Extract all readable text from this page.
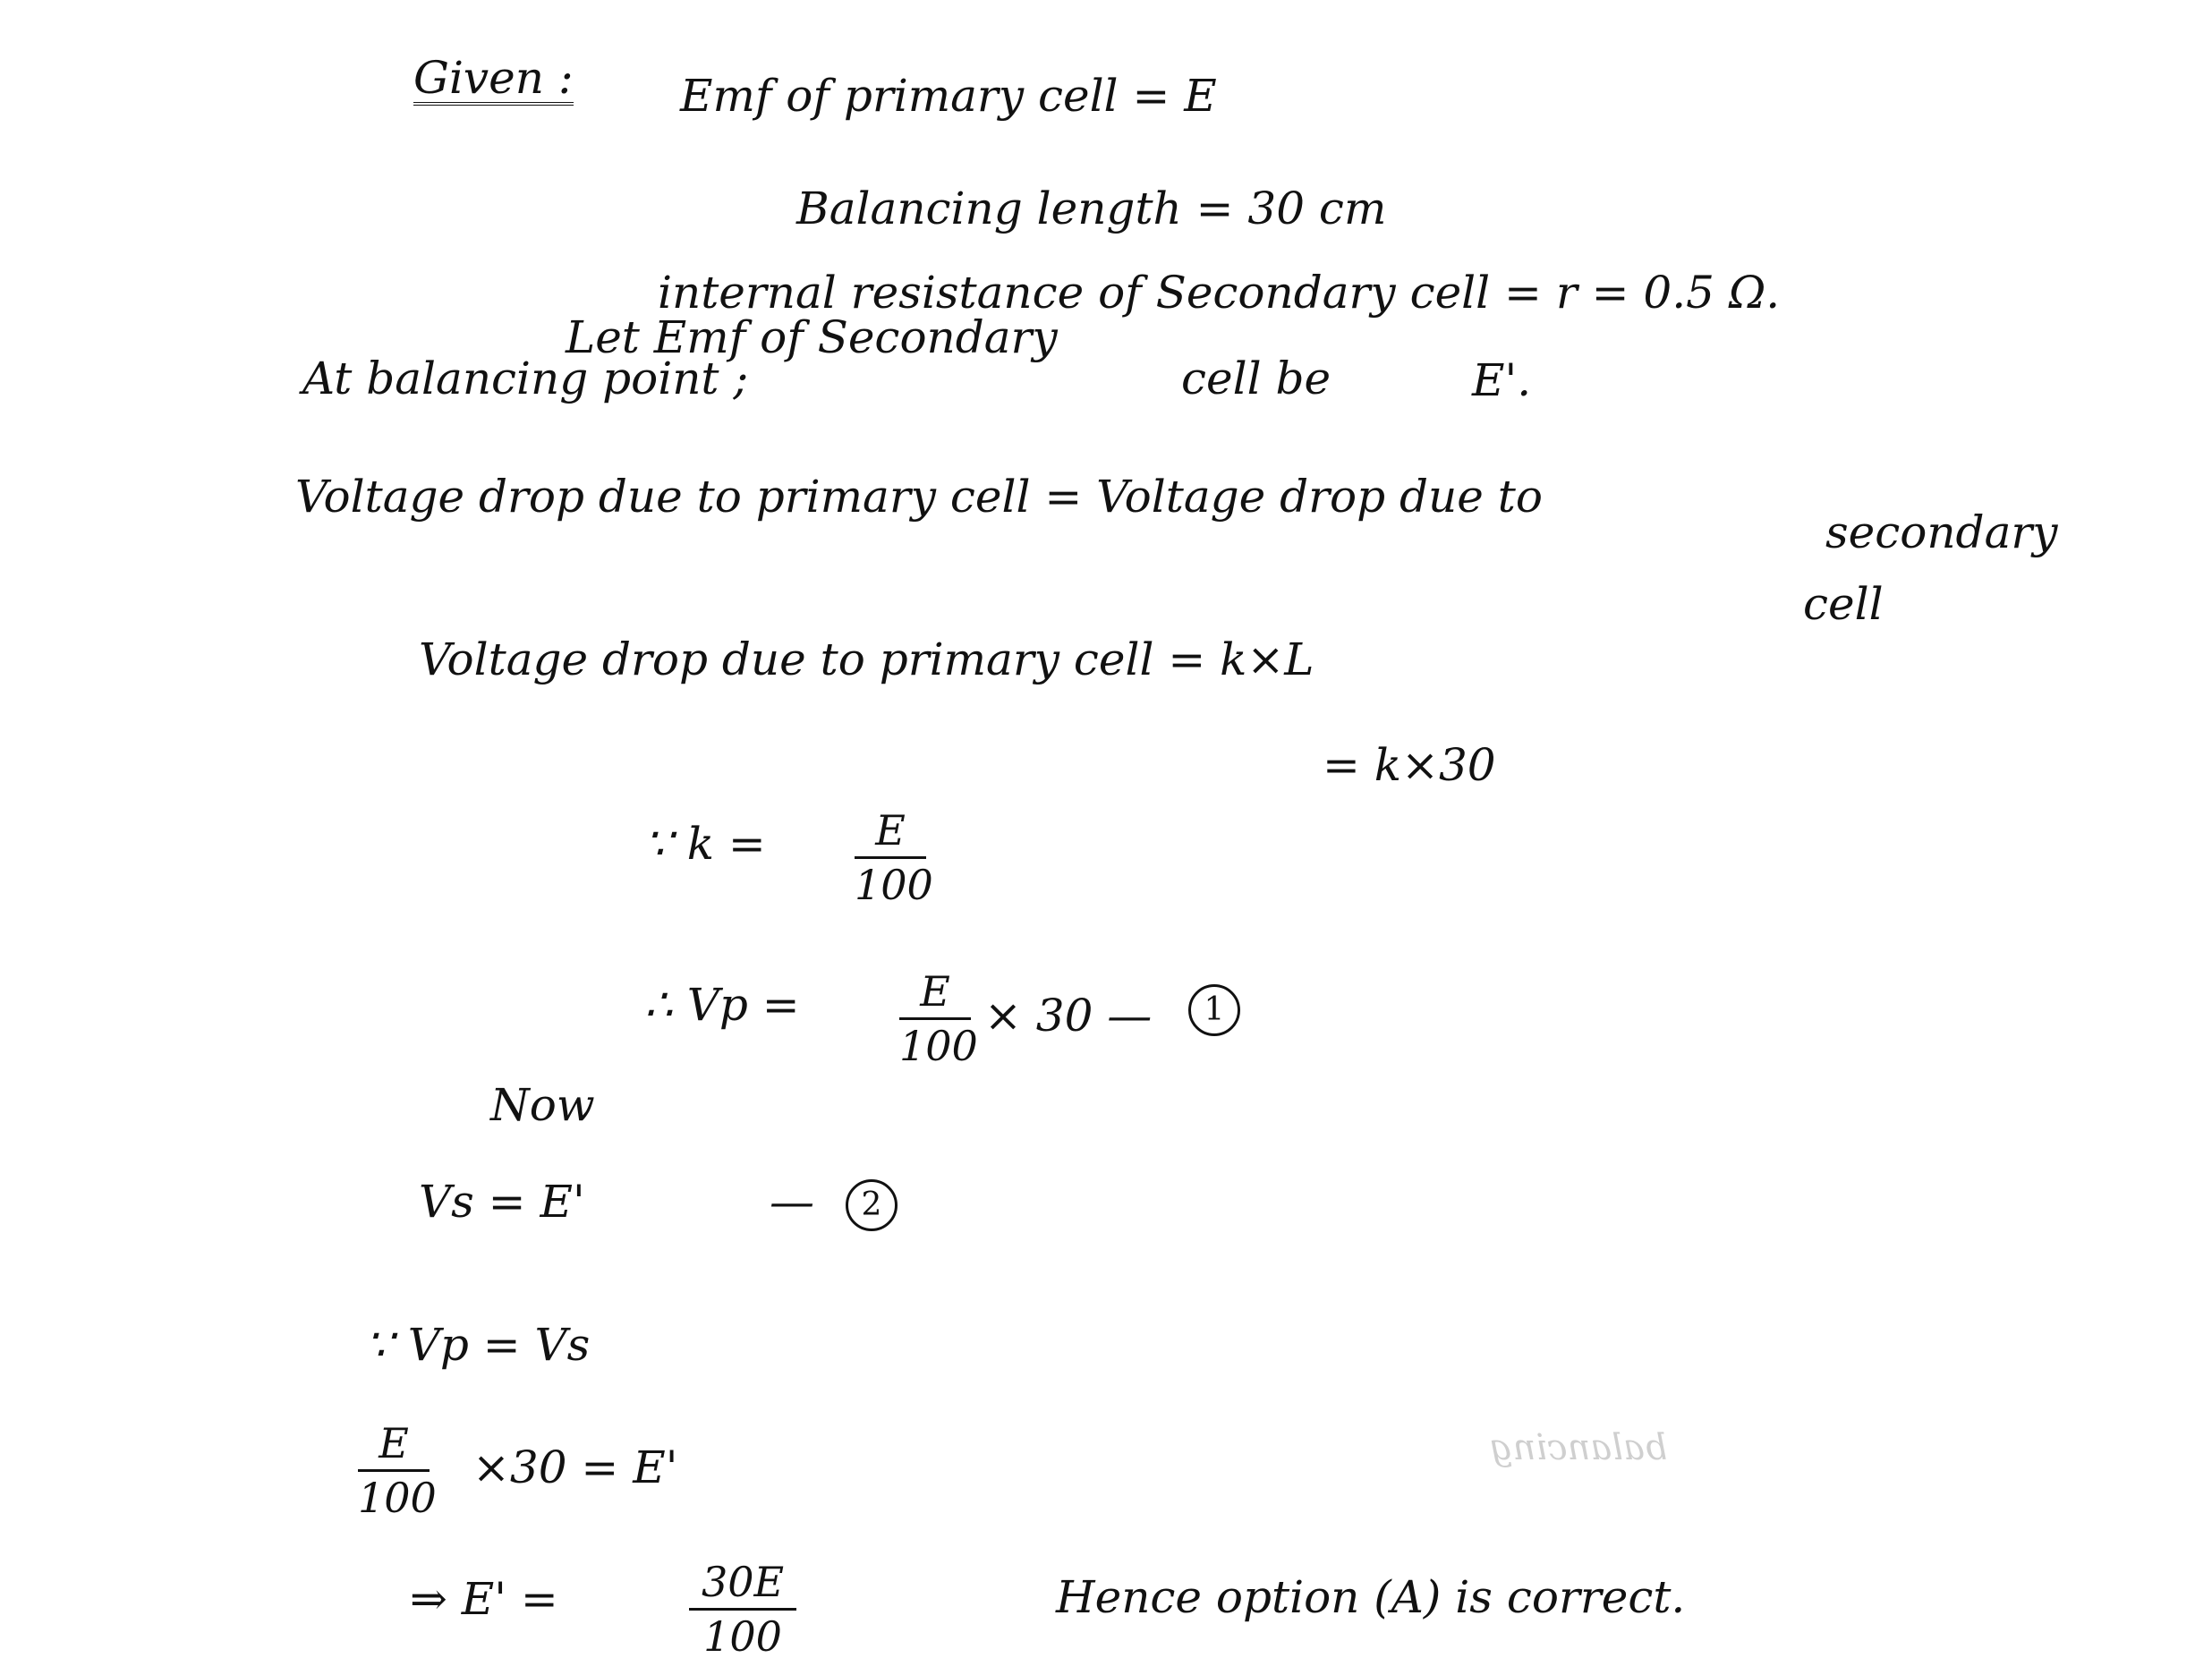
Given : Emf of primary cell = E
Balancing length = 30 cm
internal resistance of Secondary cell = r = 0.5 Ω.
Let Emf of Secondary
cell be	E'.
At balancing point ;
Voltage drop due to primary cell = Voltage drop due to
secondary
cell
Voltage drop due to primary cell = k×L
= k×30
∵ $k = \frac{E}{100}$
∴ $Vp = \frac{E}{100} \times 30$ —	1
Now
Vs = E'	—	2
∵ Vp = Vs
$\frac{E}{100} \times 30 = E'$
⇒ E' =	$\frac{30E}{100}$	Hence option (A) is correct.
balancing
